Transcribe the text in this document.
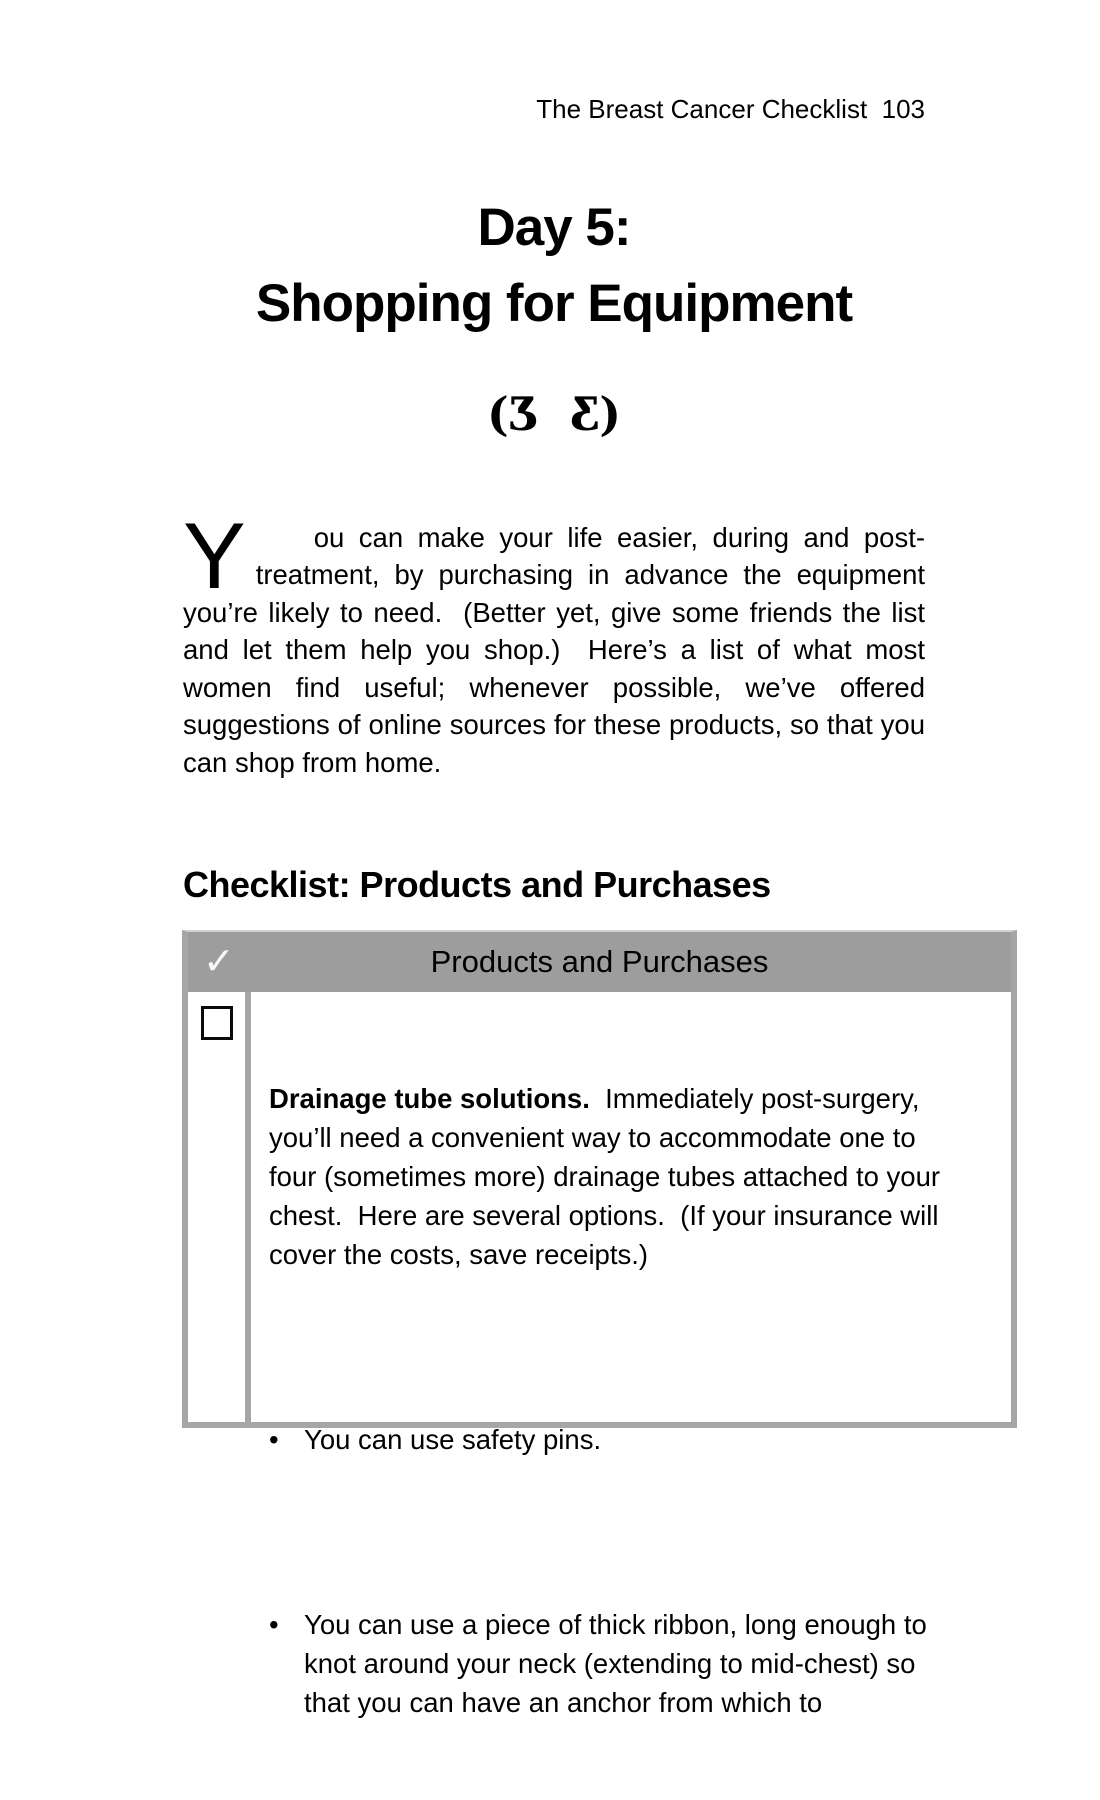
The Breast Cancer Checklist  103
Day 5:
Shopping for Equipment
(Ʒ (Ʒ

Y ou can make your life easier, during and post-treatment, by purchasing in advance the equipment you’re likely to need.  (Better yet, give some friends the list and let them help you shop.)  Here’s a list of what most women find useful; whenever possible, we’ve offered suggestions of online sources for these products, so that you can shop from home.

Checklist: Products and Purchases
✓	Products and Purchases

Drainage tube solutions.  Immediately post-surgery, you’ll need a convenient way to accommodate one to four (sometimes more) drainage tubes attached to your chest.  Here are several options.  (If your insurance will cover the costs, save receipts.)

• You can use safety pins.

• You can use a piece of thick ribbon, long enough to knot around your neck (extending to mid-chest) so that you can have an anchor from which to
